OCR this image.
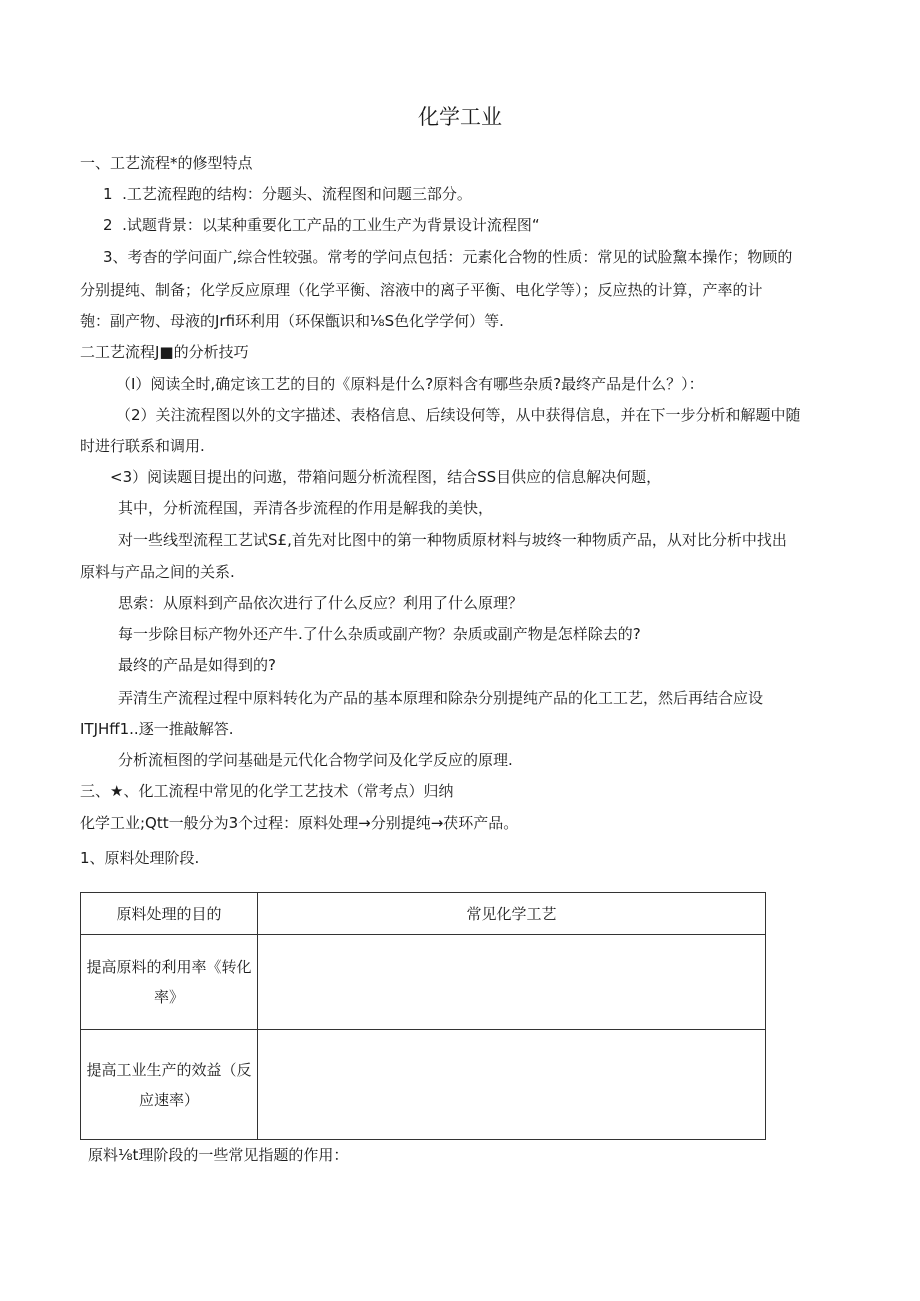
化学工业
一、工艺流程*的修型特点
1  .工艺流程跑的结构：分题头、流程图和问题三部分。
2  .试题背景：以某种重要化工产品的工业生产为背景设计流程图“
3、考杳的学问面广,综合性较强。常考的学问点包括：元素化合物的性质：常见的试脸黧本操作；物顾的
分别提纯、制备；化学反应原理（化学平衡、溶液中的离子平衡、电化学等）；反应热的计算，产率的计
匏：副产物、母液的Jrfi环利用（环保甑识和⅛S色化学学何）等.
二工艺流程J■的分析技巧
（I）阅读全时,确定该工艺的目的《原料是什么?原料含有哪些杂质?最终产品是什么？）：
（2）关注流程图以外的文字描述、表格信息、后续设何等，从中获得信息，并在下一步分析和解题中随
时进行联系和调用.
<3）阅读题目提出的问遨，带箱问题分析流程图，结合SS目供应的信息解决何题，
其中，分析流程国，弄清各步流程的作用是解我的美快，
对一些线型流程工艺试S£,首先对比图中的第一种物质原材料与坡终一种物质产品，从对比分析中找出
原料与产品之间的关系.
思索：从原料到产品依次进行了什么反应？利用了什么原理？
每一步除目标产物外还产牛.了什么杂质或副产物？杂质或副产物是怎样除去的?
最终的产品是如得到的?
弄清生产流程过程中原料转化为产品的基本原理和除杂分别提纯产品的化工工艺，然后再结合应设
ITJHff1..逐一推敲解答.
分析流桓图的学问基础是元代化合物学问及化学反应的原理.
三、★、化工流程中常见的化学工艺技术（常考点）归纳
化学工业;Qtt一般分为3个过程：原料处理→分别提纯→茯环产品。
1、原料处理阶段.
原料处理的目的	常见化学工艺
提高原料的利用率《转化
率》	
提高工业生产的效益（反
应速率）	
原料⅛t理阶段的一些常见指题的作用：
